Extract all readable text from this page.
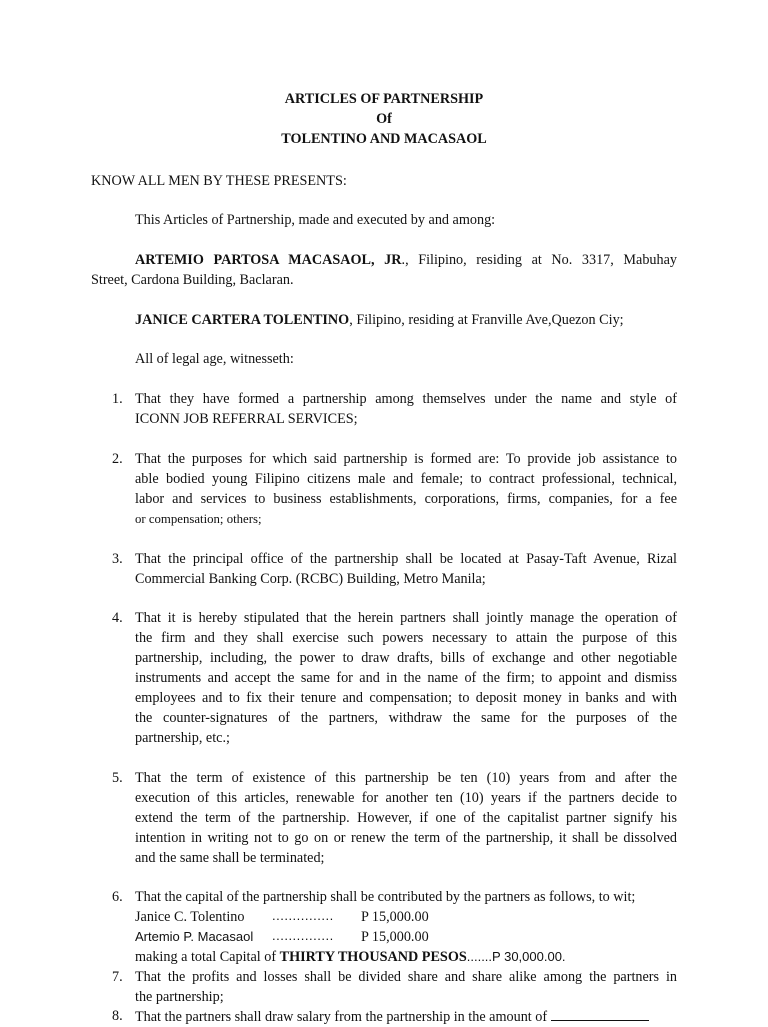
ARTICLES OF PARTNERSHIP
Of
TOLENTINO AND MACASAOL
KNOW ALL MEN BY THESE PRESENTS:
This Articles of Partnership, made and executed by and among:
ARTEMIO PARTOSA MACASAOL, JR., Filipino, residing at No. 3317, Mabuhay
Street, Cardona Building, Baclaran.
JANICE CARTERA TOLENTINO, Filipino, residing at Franville Ave,Quezon Ciy;
All of legal age, witnesseth:
1. That they have formed a partnership among themselves under the name and style of
ICONN JOB REFERRAL SERVICES;
2. That the purposes for which said partnership is formed are: To provide job assistance to
able bodied young Filipino citizens male and female; to contract professional, technical,
labor and services to business establishments, corporations, firms, companies, for a fee
or compensation; others;
3. That the principal office of the partnership shall be located at Pasay-Taft Avenue, Rizal
Commercial Banking Corp. (RCBC) Building, Metro Manila;
4. That it is hereby stipulated that the herein partners shall jointly manage the operation of
the firm and they shall exercise such powers necessary to attain the purpose of this
partnership, including, the power to draw drafts, bills of exchange and other negotiable
instruments and accept the same for and in the name of the firm; to appoint and dismiss
employees and to fix their tenure and compensation; to deposit money in banks and with
the counter-signatures of the partners, withdraw the same for the purposes of the
partnership, etc.;
5. That the term of existence of this partnership be ten (10) years from and after the
execution of this articles, renewable for another ten (10) years if the partners decide to
extend the term of the partnership. However, if one of the capitalist partner signify his
intention in writing not to go on or renew the term of the partnership, it shall be dissolved
and the same shall be terminated;
6. That the capital of the partnership shall be contributed by the partners as follows, to wit;
Janice C. Tolentino ............... P 15,000.00
Artemio P. Macasaol ............... P 15,000.00
making a total Capital of THIRTY THOUSAND PESOS.......P 30,000.00.
7. That the profits and losses shall be divided share and share alike among the partners in
the partnership;
8. That the partners shall draw salary from the partnership in the amount of
